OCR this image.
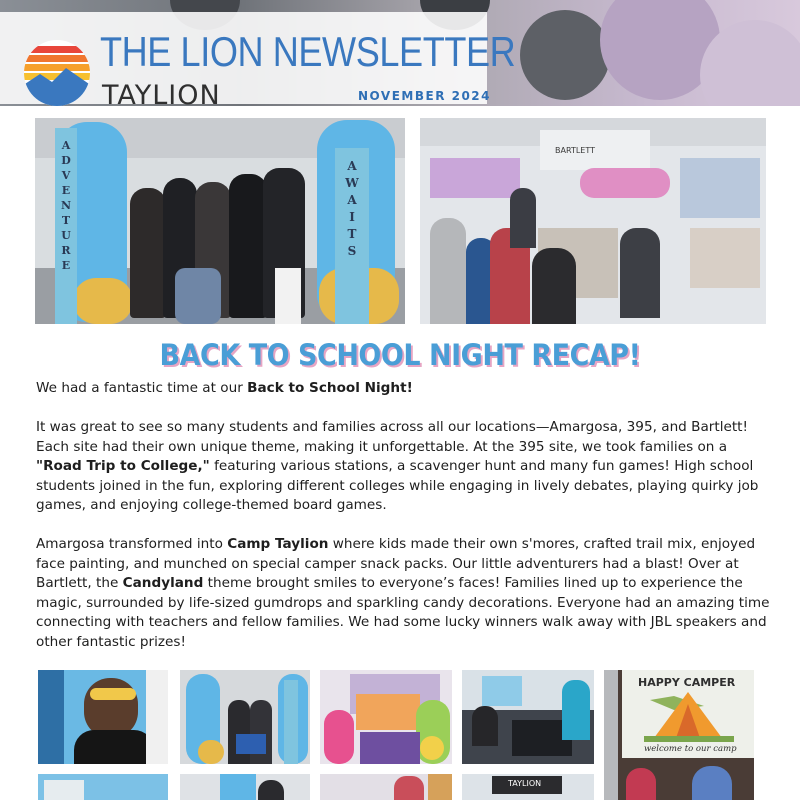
THE LION NEWSLETTER
TAYLION	NOVEMBER 2024
ADVENTURE
AWAITS
BARTLETT
BACK TO SCHOOL NIGHT RECAP!

We had a fantastic time at our Back to School Night!

It was great to see so many students and families across all our locations—Amargosa, 395, and Bartlett! Each site had their own unique theme, making it unforgettable. At the 395 site, we took families on a "Road Trip to College," featuring various stations, a scavenger hunt and many fun games! High school students joined in the fun, exploring different colleges while engaging in lively debates, playing quirky job games, and enjoying college-themed board games.

Amargosa transformed into Camp Taylion where kids made their own s'mores, crafted trail mix, enjoyed face painting, and munched on special camper snack packs. Our little adventurers had a blast! Over at Bartlett, the Candyland theme brought smiles to everyone’s faces! Families lined up to experience the magic, surrounded by life-sized gumdrops and sparkling candy decorations. Everyone had an amazing time connecting with teachers and fellow families. We had some lucky winners walk away with JBL speakers and other fantastic prizes!

HAPPY CAMPER
welcome to our camp
TAYLION
